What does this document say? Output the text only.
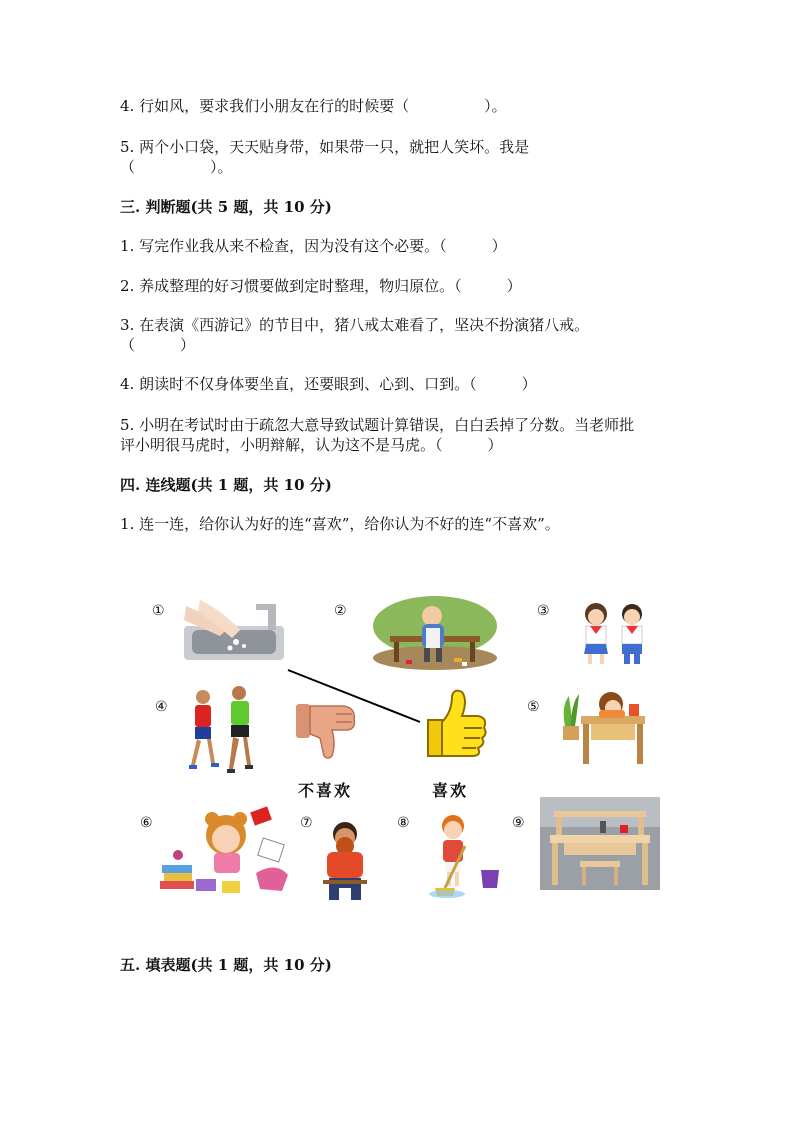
4. 行如风，要求我们小朋友在行的时候要（　　　　　）。
5. 两个小口袋，天天贴身带，如果带一只，就把人笑坏。我是
（　　　　　）。
三. 判断题(共 5 题，共 10 分)
1. 写完作业我从来不检查，因为没有这个必要。（　　　）
2. 养成整理的好习惯要做到定时整理，物归原位。（　　　）
3. 在表演《西游记》的节目中，猪八戒太难看了，坚决不扮演猪八戒。
（　　　）
4. 朗读时不仅身体要坐直，还要眼到、心到、口到。（　　　）
5. 小明在考试时由于疏忽大意导致试题计算错误，白白丢掉了分数。当老师批
评小明很马虎时，小明辩解，认为这不是马虎。（　　　）
四. 连线题(共 1 题，共 10 分)
1. 连一连，给你认为好的连“喜欢”，给你认为不好的连“不喜欢”。
①	②	③
④	⑤
⑥	⑦	⑧	⑨
不喜欢	喜欢
五. 填表题(共 1 题，共 10 分)
